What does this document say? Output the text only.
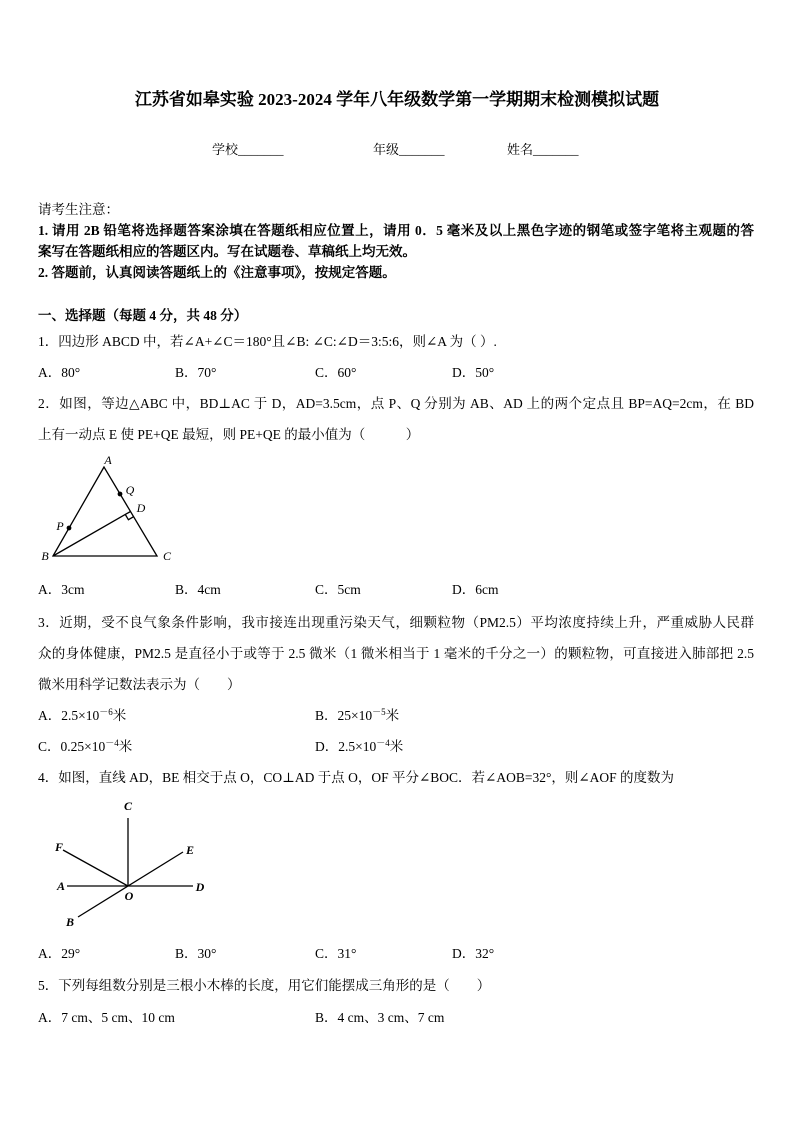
江苏省如皋实验 2023-2024 学年八年级数学第一学期期末检测模拟试题
学校_______	年级_______	姓名_______
请考生注意：
1. 请用 2B 铅笔将选择题答案涂填在答题纸相应位置上，请用 0．5 毫米及以上黑色字迹的钢笔或签字笔将主观题的答
案写在答题纸相应的答题区内。写在试题卷、草稿纸上均无效。
2. 答题前，认真阅读答题纸上的《注意事项》，按规定答题。
一、选择题（每题 4 分，共 48 分）
1．四边形 ABCD 中，若∠A+∠C＝180°且∠B: ∠C:∠D＝3:5:6，则∠A 为（ ）.
A．80°	B．70°	C．60°	D．50°
2．如图，等边△ABC 中，BD⊥AC 于 D，AD=3.5cm，点 P、Q 分别为 AB、AD 上的两个定点且 BP=AQ=2cm，在 BD
上有一动点 E 使 PE+QE 最短，则 PE+QE 的最小值为（　　　）
A
Q
D
P
B	C
A．3cm	B．4cm	C．5cm	D．6cm
3．近期，受不良气象条件影响，我市接连出现重污染天气，细颗粒物（PM2.5）平均浓度持续上升，严重威胁人民群
众的身体健康，PM2.5 是直径小于或等于 2.5 微米（1 微米相当于 1 毫米的千分之一）的颗粒物，可直接进入肺部把 2.5
微米用科学记数法表示为（　　）
A．$2.5\times 10^{-6}$米	B．$25\times 10^{-5}$米
C．$0.25\times 10^{-4}$米	D．$2.5\times 10^{-4}$米
4．如图，直线 AD，BE 相交于点 O，CO⊥AD 于点 O，OF 平分∠BOC．若∠AOB=32°，则∠AOF 的度数为
C
F	E
A	D
O
B
A．29°	B．30°	C．31°	D．32°
5．下列每组数分别是三根小木棒的长度，用它们能摆成三角形的是（　　）
A．7 cm、5 cm、10 cm	B．4 cm、3 cm、7 cm
